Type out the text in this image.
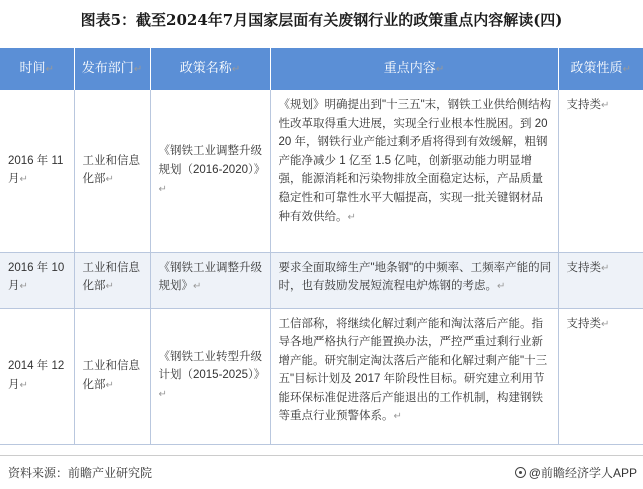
图表5：截至2024年7月国家层面有关废钢行业的政策重点内容解读(四)
时间↵	发布部门↵	政策名称↵	重点内容↵	政策性质↵
2016 年 11 月↵	工业和信息化部↵	《钢铁工业调整升级规划（2016-2020）》↵	《规划》明确提出到"十三五"末，钢铁工业供给侧结构性改革取得重大进展，实现全行业根本性脱困。到 2020 年，钢铁行业产能过剩矛盾将得到有效缓解，粗钢产能净减少 1 亿至 1.5 亿吨，创新驱动能力明显增强，能源消耗和污染物排放全面稳定达标，产品质量稳定性和可靠性水平大幅提高，实现一批关键钢材品种有效供给。↵	支持类↵
2016 年 10 月↵	工业和信息化部↵	《钢铁工业调整升级规划》↵	要求全面取缔生产"地条钢"的中频率、工频率产能的同时，也有鼓励发展短流程电炉炼钢的考虑。↵	支持类↵
2014 年 12 月↵	工业和信息化部↵	《钢铁工业转型升级计划（2015-2025）》↵	工信部称，将继续化解过剩产能和淘汰落后产能。指导各地严格执行产能置换办法，严控严重过剩行业新增产能。研究制定淘汰落后产能和化解过剩产能"十三五"目标计划及 2017 年阶段性目标。研究建立利用节能环保标准促进落后产能退出的工作机制，构建钢铁等重点行业预警体系。↵	支持类↵
资料来源：前瞻产业研究院	@前瞻经济学人APP
